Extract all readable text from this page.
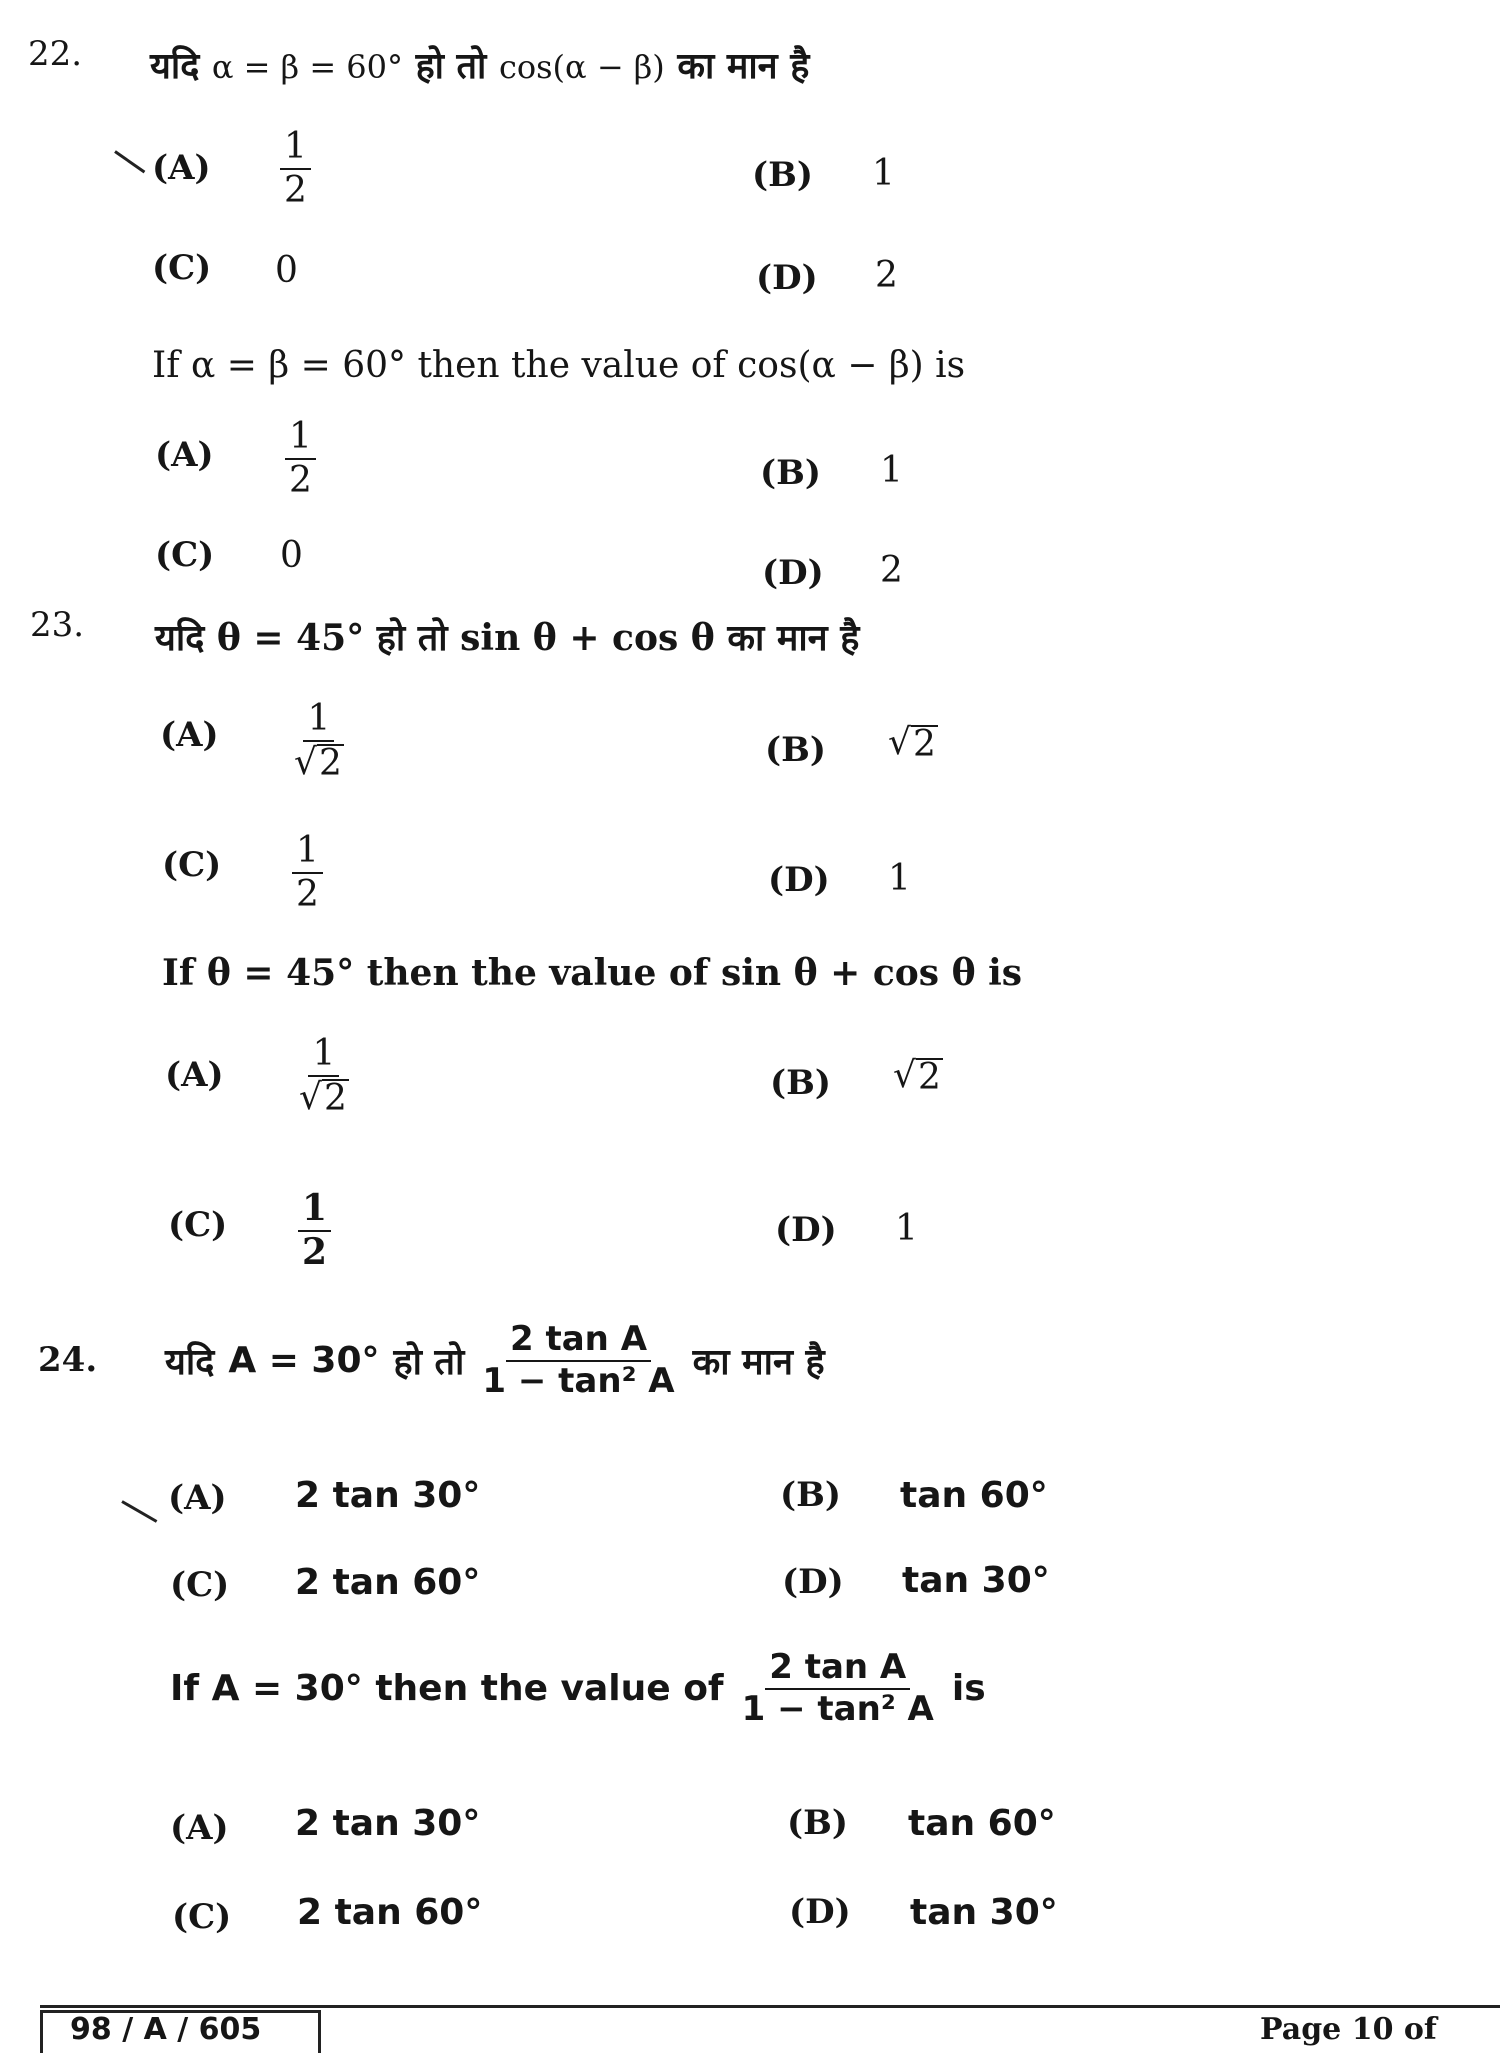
22. यदि α = β = 60° हो तो cos(α − β) का मान है
$(A) \frac{1}{2}$	(B) 1
(C) 0	(D) 2
If α = β = 60° then the value of cos(α − β) is
$(A) \frac{1}{2}$	(B) 1
(C) 0	(D) 2
23. यदि θ = 45° हो तो sin θ + cos θ का मान है
$(A) \frac{1}{√ 2}$	(B) √ 2
$(C) \frac{1}{2}$	(D) 1
If θ = 45° then the value of sin θ + cos θ is
$(A) \frac{1}{√ 2}$	(B) √ 2
$(C) \frac{1}{2}$	(D) 1
24. यदि A = 30° हो तो $\frac{\text{2 tan A}}{\text{1 − tan² A}}$ का मान है
(A) 2 tan 30°	(B) tan 60°
(C) 2 tan 60°	(D) tan 30°
If A = 30° then the value of $\frac{\text{2 tan A}}{\text{1 − tan² A}}$ is
(A) 2 tan 30°	(B) tan 60°
(C) 2 tan 60°	(D) tan 30°
98 / A / 605	Page 10 of
